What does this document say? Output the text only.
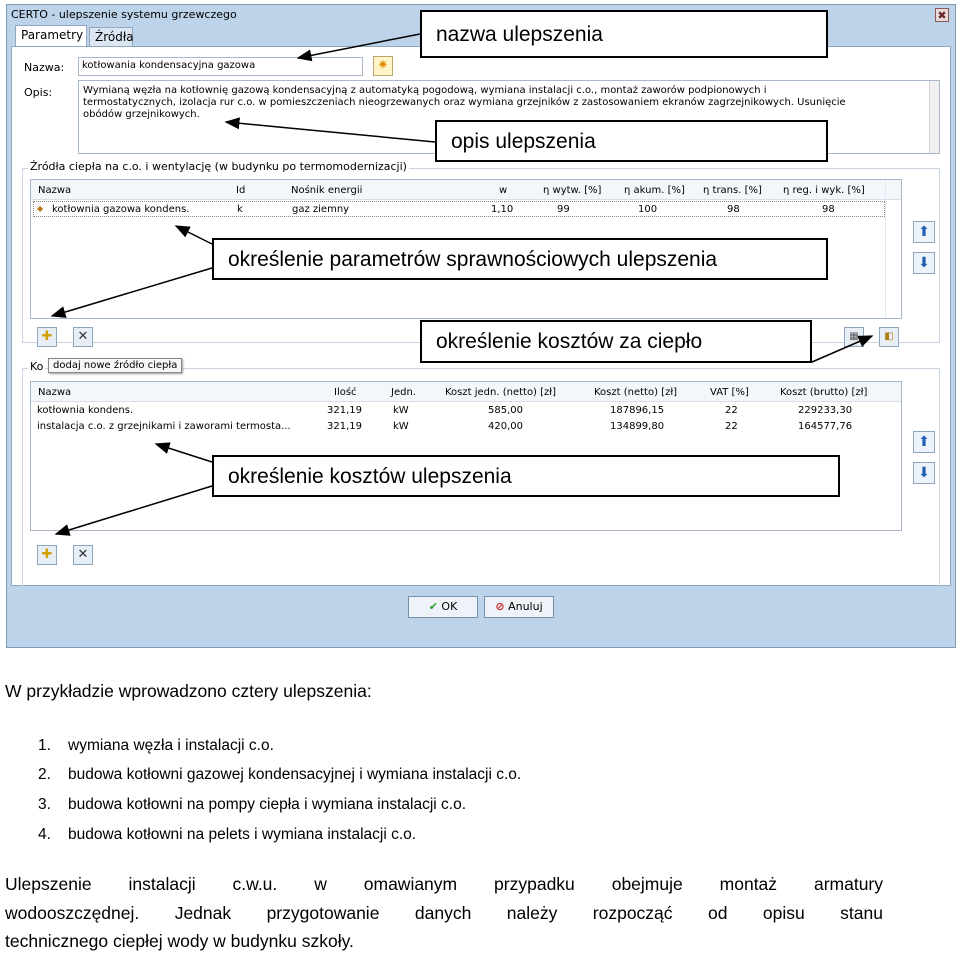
CERTO - ulepszenie systemu grzewczego	✖
Parametry Źródła
Nazwa:	kotłowania kondensacyjna gazowa	✷
Opis:	Wymianą węzła na kotłownię gazową kondensacyjną z automatyką pogodową, wymiana instalacji c.o., montaż zaworów podpionowych i
termostatycznych, izolacja rur c.o. w pomieszczeniach nieogrzewanych oraz wymiana grzejników z zastosowaniem ekranów zagrzejnikowych. Usunięcie
obódów grzejnikowych.
Źródła ciepła na c.o. i wentylację (w budynku po termomodernizacji)
Nazwa	Id	Nośnik energii	w	η wytw. [%] η akum. [%] η trans. [%] η reg. i wyk. [%]
◆ kotłownia gazowa kondens.	k	gaz ziemny	1,10	99	100	98	98
⬆
⬇
✚	✕	▦	◧
Ko dodaj nowe źródło ciepła
Nazwa	Ilość	Jedn.	Koszt jedn. (netto) [zł]	Koszt (netto) [zł]	VAT [%]	Koszt (brutto) [zł]
kotłownia kondens.	321,19	kW	585,00	187896,15	22	229233,30
instalacja c.o. z grzejnikami i zaworami termosta...	321,19	kW	420,00	134899,80	22	164577,76
⬆
⬇
✚	✕
✔ OK	⊘ Anuluj
nazwa ulepszenia
opis ulepszenia
określenie parametrów sprawnościowych ulepszenia
określenie kosztów za ciepło
określenie kosztów ulepszenia
W przykładzie wprowadzono cztery ulepszenia:
1. wymiana węzła i instalacji c.o.
2. budowa kotłowni gazowej kondensacyjnej i wymiana instalacji c.o.
3. budowa kotłowni na pompy ciepła i wymiana instalacji c.o.
4. budowa kotłowni na pelets i wymiana instalacji c.o.
Ulepszenie instalacji c.w.u. w omawianym przypadku obejmuje montaż armatury
wodooszczędnej. Jednak przygotowanie danych należy rozpocząć od opisu stanu
technicznego ciepłej wody w budynku szkoły.
